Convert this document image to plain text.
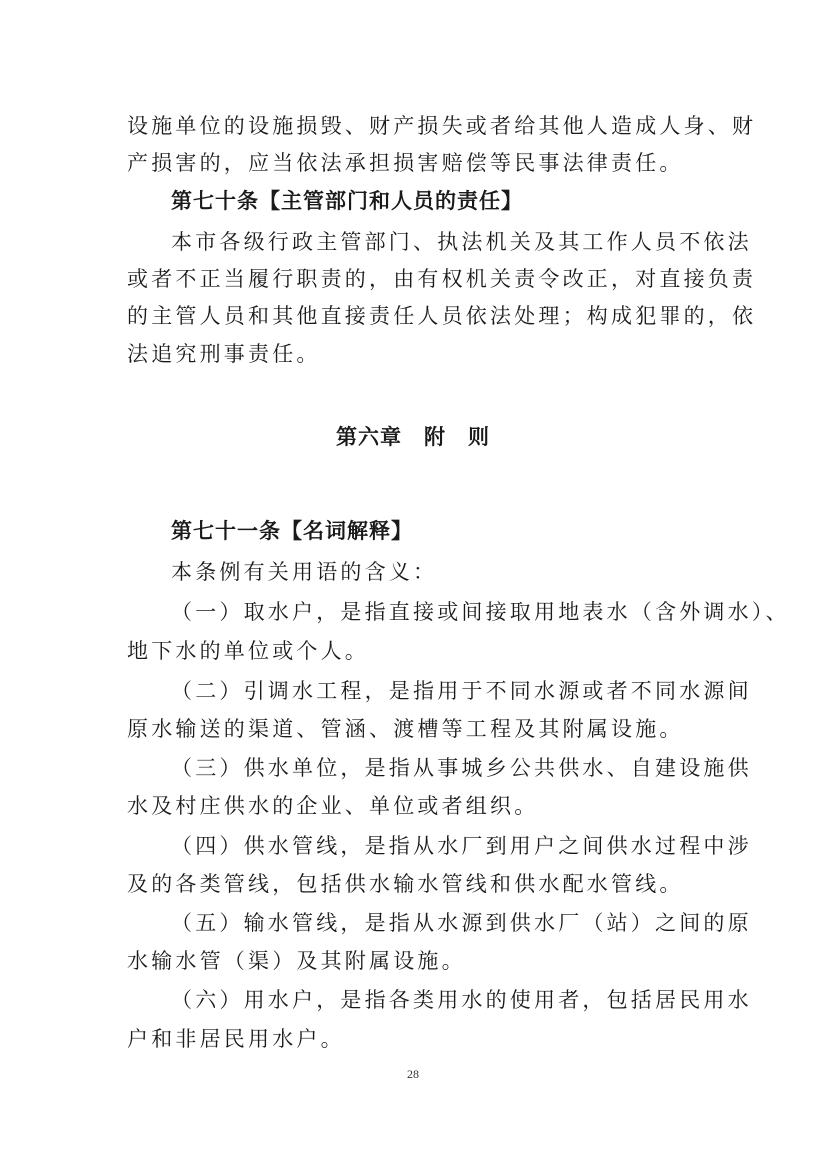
设施单位的设施损毁、财产损失或者给其他人造成人身、财
产损害的，应当依法承担损害赔偿等民事法律责任。
第七十条【主管部门和人员的责任】
本市各级行政主管部门、执法机关及其工作人员不依法
或者不正当履行职责的，由有权机关责令改正，对直接负责
的主管人员和其他直接责任人员依法处理；构成犯罪的，依
法追究刑事责任。
第六章　附　则
第七十一条【名词解释】
本条例有关用语的含义：
（一）取水户，是指直接或间接取用地表水（含外调水）、
地下水的单位或个人。
（二）引调水工程，是指用于不同水源或者不同水源间
原水输送的渠道、管涵、渡槽等工程及其附属设施。
（三）供水单位，是指从事城乡公共供水、自建设施供
水及村庄供水的企业、单位或者组织。
（四）供水管线，是指从水厂到用户之间供水过程中涉
及的各类管线，包括供水输水管线和供水配水管线。
（五）输水管线，是指从水源到供水厂（站）之间的原
水输水管（渠）及其附属设施。
（六）用水户，是指各类用水的使用者，包括居民用水
户和非居民用水户。
28
